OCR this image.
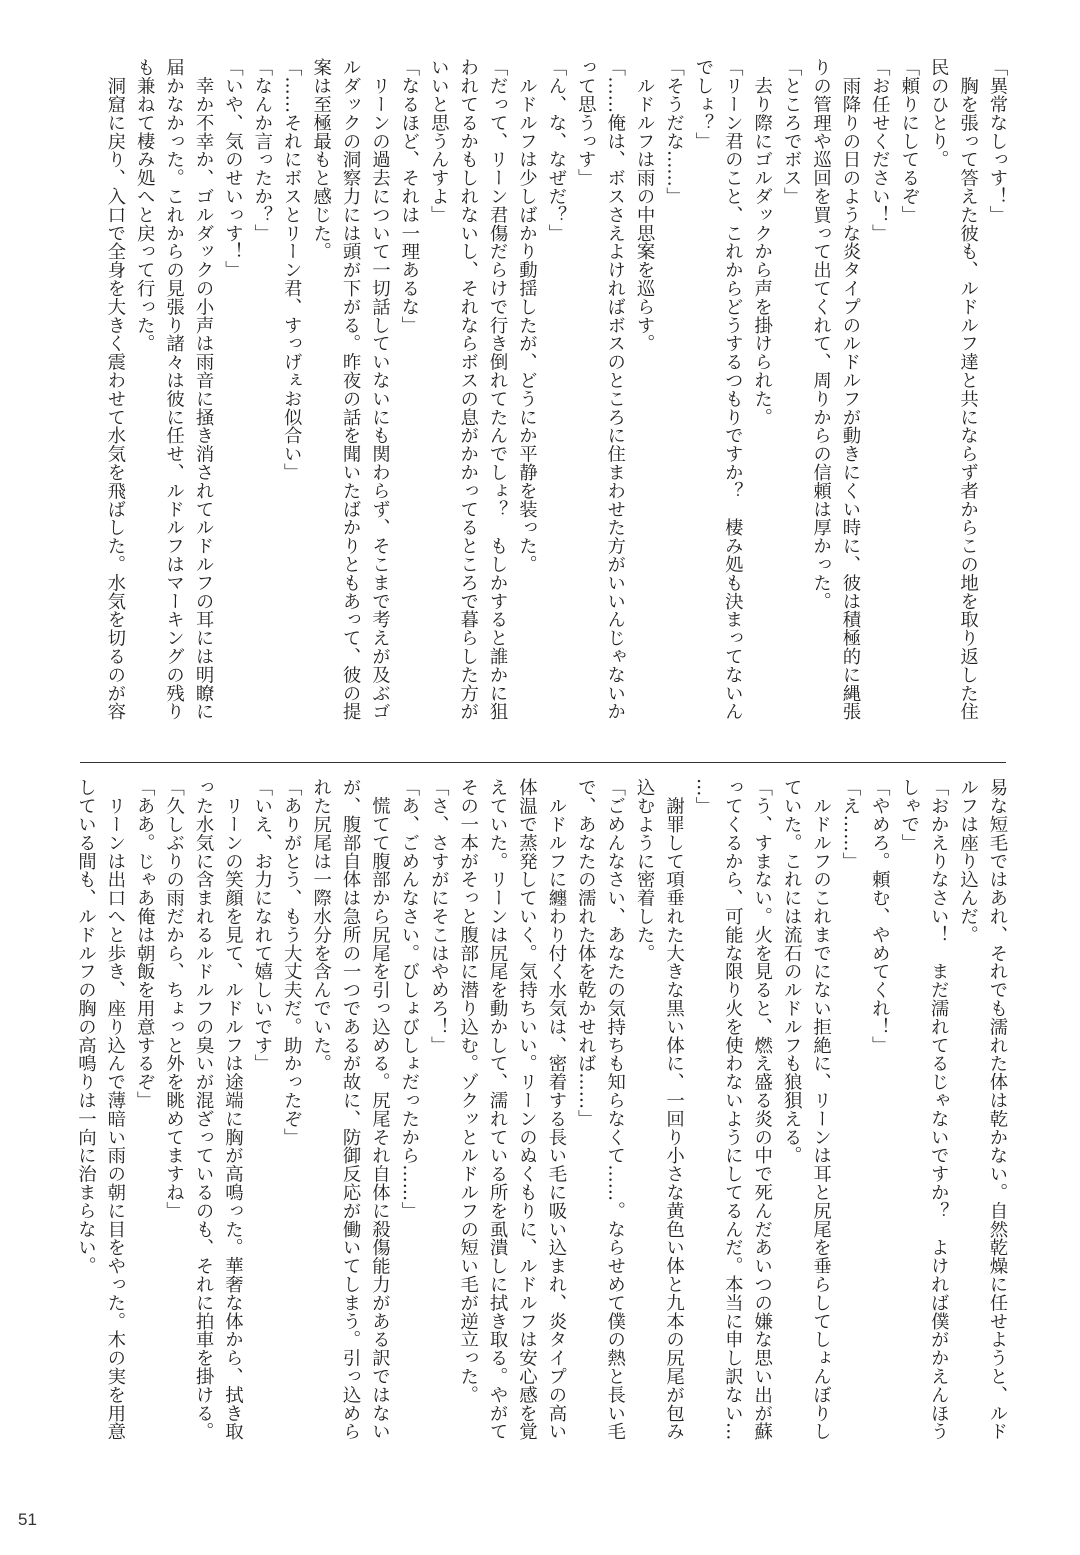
「異常なしっす！」
　胸を張って答えた彼も、ルドルフ達と共にならず者からこの地を取り返した住
民のひとり。
「頼りにしてるぞ」
「お任せください！」
　雨降りの日のような炎タイプのルドルフが動きにくい時に、彼は積極的に縄張
りの管理や巡回を買って出てくれて、周りからの信頼は厚かった。
「ところでボス」
　去り際にゴルダックから声を掛けられた。
「リーン君のこと、これからどうするつもりですか？　棲み処も決まってないん
でしょ？」
「そうだな……」
　ルドルフは雨の中思案を巡らす。
「……俺は、ボスさえよければボスのところに住まわせた方がいいんじゃないか
って思うっす」
「ん、な、なぜだ？」
　ルドルフは少しばかり動揺したが、どうにか平静を装った。
「だって、リーン君傷だらけで行き倒れてたんでしょ？　もしかすると誰かに狙
われてるかもしれないし、それならボスの息がかかってるところで暮らした方が
いいと思うんすよ」
「なるほど、それは一理あるな」
　リーンの過去について一切話していないにも関わらず、そこまで考えが及ぶゴ
ルダックの洞察力には頭が下がる。昨夜の話を聞いたばかりともあって、彼の提
案は至極最もと感じた。
「……それにボスとリーン君、すっげぇお似合い」
「なんか言ったか？」
「いや、気のせいっす！」
　幸か不幸か、ゴルダックの小声は雨音に掻き消されてルドルフの耳には明瞭に
届かなかった。これからの見張り諸々は彼に任せ、ルドルフはマーキングの残り
も兼ねて棲み処へと戻って行った。
　洞窟に戻り、入口で全身を大きく震わせて水気を飛ばした。水気を切るのが容
易な短毛ではあれ、それでも濡れた体は乾かない。自然乾燥に任せようと、ルド
ルフは座り込んだ。
「おかえりなさい！　まだ濡れてるじゃないですか？　よければ僕がかえんほう
しゃで」
「やめろ。頼む、やめてくれ！」
「え……」
　ルドルフのこれまでにない拒絶に、リーンは耳と尻尾を垂らしてしょんぼりし
ていた。これには流石のルドルフも狼狽える。
「う、すまない。火を見ると、燃え盛る炎の中で死んだあいつの嫌な思い出が蘇
ってくるから、可能な限り火を使わないようにしてるんだ。本当に申し訳ない…
…」
　謝罪して項垂れた大きな黒い体に、一回り小さな黄色い体と九本の尻尾が包み
込むように密着した。
「ごめんなさい、あなたの気持ちも知らなくて……。ならせめて僕の熱と長い毛
で、あなたの濡れた体を乾かせれば……」
　ルドルフに纏わり付く水気は、密着する長い毛に吸い込まれ、炎タイプの高い
体温で蒸発していく。気持ちいい。リーンのぬくもりに、ルドルフは安心感を覚
えていた。リーンは尻尾を動かして、濡れている所を虱潰しに拭き取る。やがて
その一本がそっと腹部に潜り込む。ゾクッとルドルフの短い毛が逆立った。
「さ、さすがにそこはやめろ！」
「あ、ごめんなさい。びしょびしょだったから……」
　慌てて腹部から尻尾を引っ込める。尻尾それ自体に殺傷能力がある訳ではない
が、腹部自体は急所の一つであるが故に、防御反応が働いてしまう。引っ込めら
れた尻尾は一際水分を含んでいた。
「ありがとう、もう大丈夫だ。助かったぞ」
「いえ、お力になれて嬉しいです」
　リーンの笑顔を見て、ルドルフは途端に胸が高鳴った。華奢な体から、拭き取
った水気に含まれるルドルフの臭いが混ざっているのも、それに拍車を掛ける。
「久しぶりの雨だから、ちょっと外を眺めてますね」
「ああ。じゃあ俺は朝飯を用意するぞ」
　リーンは出口へと歩き、座り込んで薄暗い雨の朝に目をやった。木の実を用意
している間も、ルドルフの胸の高鳴りは一向に治まらない。
51
